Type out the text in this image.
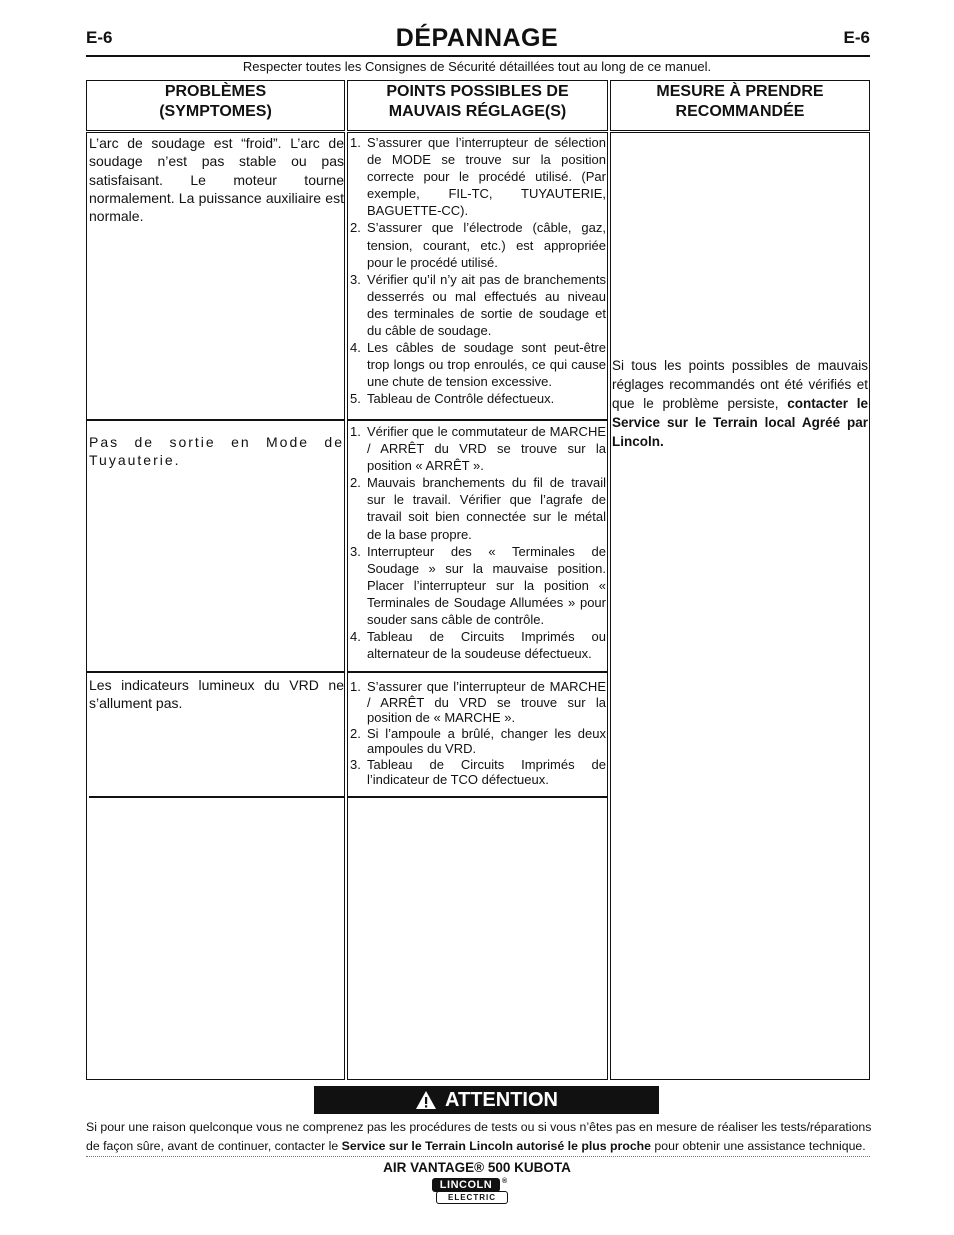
E-6	E-6
DÉPANNAGE
Respecter toutes les Consignes de Sécurité détaillées tout au long de ce manuel.
PROBLÈMES
(SYMPTOMES)
POINTS POSSIBLES DE
MAUVAIS RÉGLAGE(S)
MESURE À PRENDRE
RECOMMANDÉE
L’arc de soudage est “froid”. L’arc de soudage n’est pas stable ou pas satisfaisant. Le moteur tourne normalement. La puissance auxiliaire est normale.
1. S’assurer que l’interrupteur de sélection de MODE se trouve sur la position correcte pour le procédé utilisé. (Par exemple, FIL-TC, TUYAUTERIE, BAGUETTE-CC).
2. S’assurer que l’électrode (câble, gaz, tension, courant, etc.) est appropriée pour le procédé utilisé.
3. Vérifier qu’il n’y ait pas de branchements desserrés ou mal effectués au niveau des terminales de sortie de soudage et du câble de soudage.
4. Les câbles de soudage sont peut-être trop longs ou trop enroulés, ce qui cause une chute de tension excessive.
5. Tableau de Contrôle défectueux.
Pas de sortie en Mode de Tuyauterie.
1. Vérifier que le commutateur de MARCHE / ARRÊT du VRD se trouve sur la position « ARRÊT ».
2. Mauvais branchements du fil de travail sur le travail. Vérifier que l’agrafe de travail soit bien connectée sur le métal de la base propre.
3. Interrupteur des « Terminales de Soudage » sur la mauvaise position. Placer l’interrupteur sur la position « Terminales de Soudage Allumées » pour souder sans câble de contrôle.
4. Tableau de Circuits Imprimés ou alternateur de la soudeuse défectueux.
Les indicateurs lumineux du VRD ne s’allument pas.
1. S’assurer que l’interrupteur de MARCHE / ARRÊT du VRD se trouve sur la position de « MARCHE ».
2. Si l’ampoule a brûlé, changer les deux ampoules du VRD.
3. Tableau de Circuits Imprimés de l’indicateur de TCO défectueux.
Si tous les points possibles de mauvais réglages recommandés ont été vérifiés et que le problème persiste, contacter le Service sur le Terrain local Agréé par Lincoln.
ATTENTION
Si pour une raison quelconque vous ne comprenez pas les procédures de tests ou si vous n’êtes pas en mesure de réaliser les tests/réparations de façon sûre, avant de continuer, contacter le Service sur le Terrain Lincoln autorisé le plus proche pour obtenir une assistance technique.
AIR VANTAGE® 500 KUBOTA
LINCOLN
ELECTRIC
®
